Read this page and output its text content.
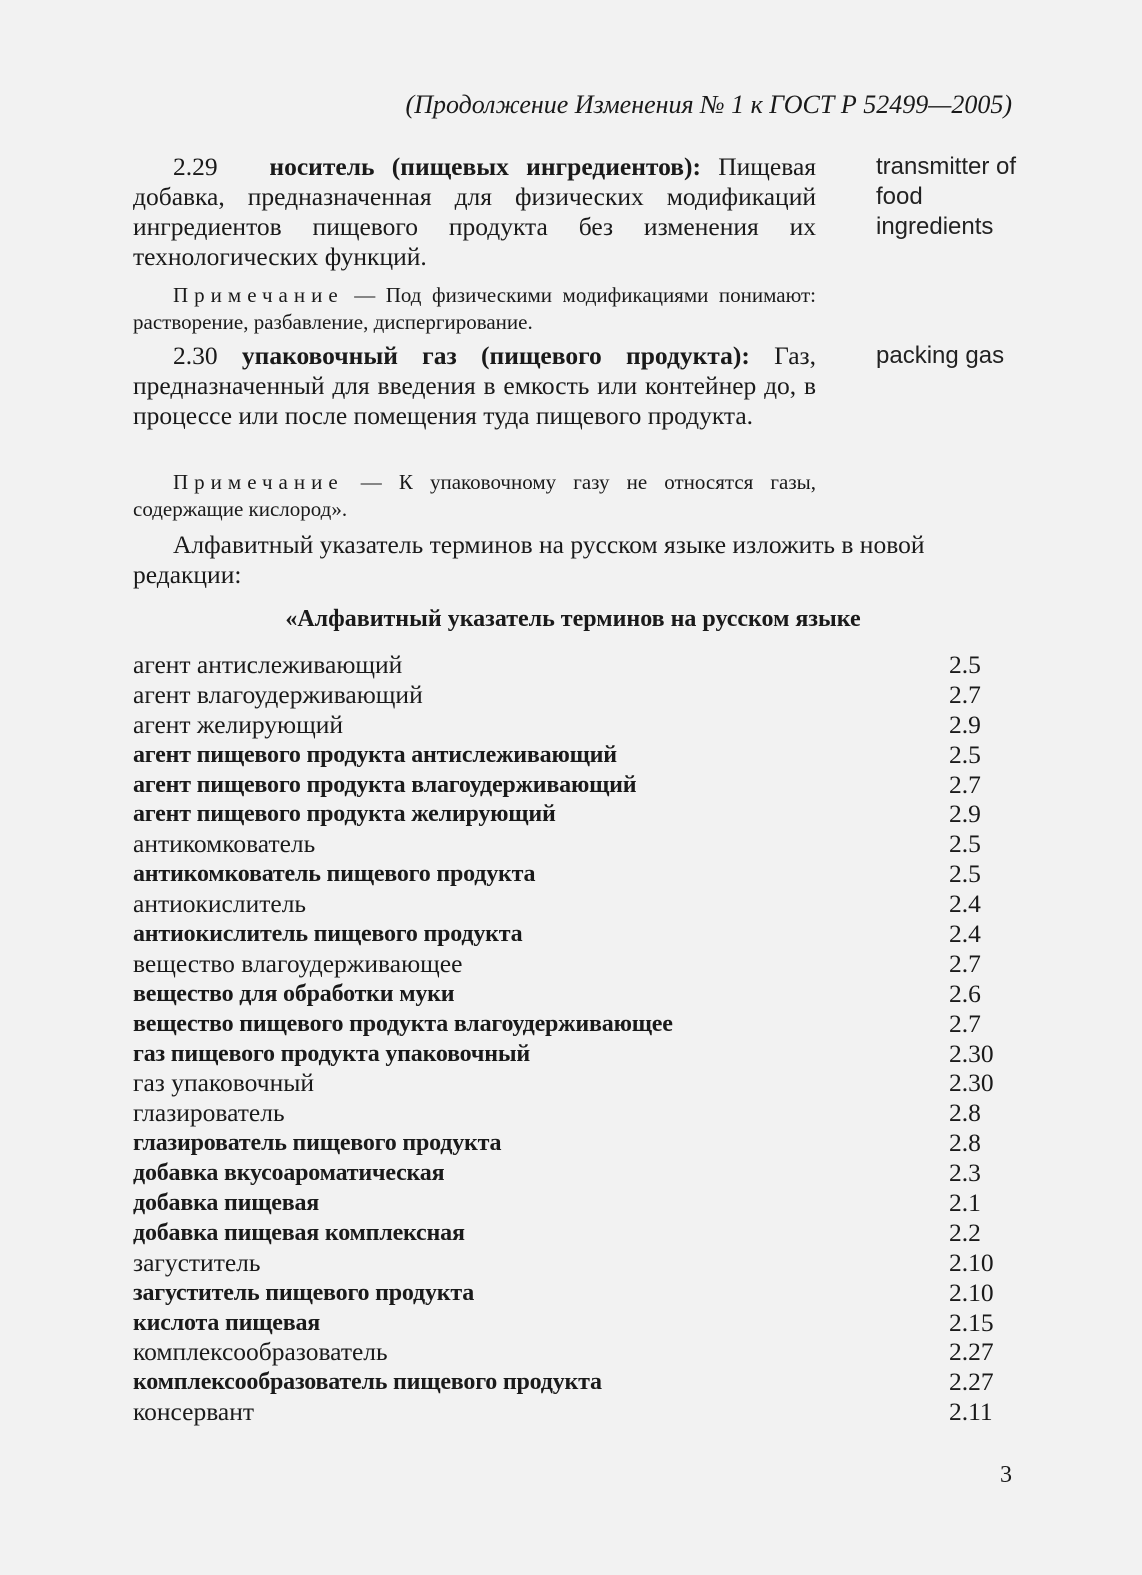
(Продолжение Изменения № 1 к ГОСТ Р 52499—2005)
2.29 носитель (пищевых ингредиентов): Пищевая добавка, предназначенная для физических модификаций ингредиентов пищевого продукта без изменения их технологических функций.
transmitter of food ingredients
Примечание — Под физическими модификациями понимают: растворение, разбавление, диспергирование.
2.30 упаковочный газ (пищевого продукта): Газ, предназначенный для введения в емкость или контейнер до, в процессе или после помещения туда пищевого продукта.
packing gas
Примечание — К упаковочному газу не относятся газы, содержащие кислород».
Алфавитный указатель терминов на русском языке изложить в новой редакции:
«Алфавитный указатель терминов на русском языке
агент антислеживающий	2.5
агент влагоудерживающий	2.7
агент желирующий	2.9
агент пищевого продукта антислеживающий	2.5
агент пищевого продукта влагоудерживающий	2.7
агент пищевого продукта желирующий	2.9
антикомкователь	2.5
антикомкователь пищевого продукта	2.5
антиокислитель	2.4
антиокислитель пищевого продукта	2.4
вещество влагоудерживающее	2.7
вещество для обработки муки	2.6
вещество пищевого продукта влагоудерживающее	2.7
газ пищевого продукта упаковочный	2.30
газ упаковочный	2.30
глазирователь	2.8
глазирователь пищевого продукта	2.8
добавка вкусоароматическая	2.3
добавка пищевая	2.1
добавка пищевая комплексная	2.2
загуститель	2.10
загуститель пищевого продукта	2.10
кислота пищевая	2.15
комплексообразователь	2.27
комплексообразователь пищевого продукта	2.27
консервант	2.11
3
